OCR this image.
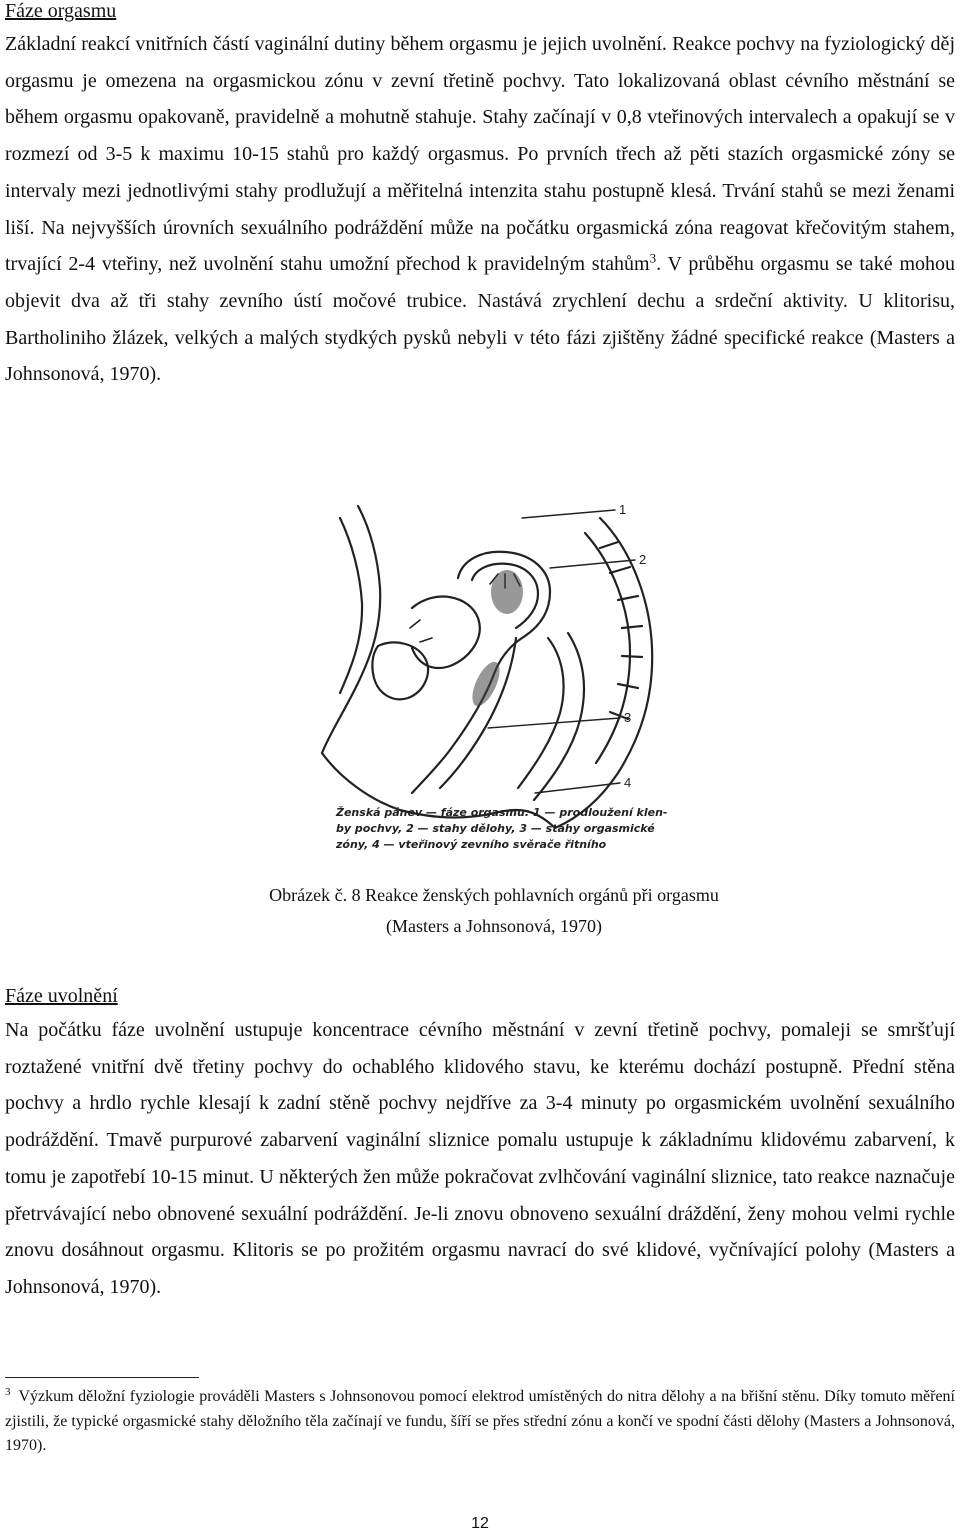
Fáze orgasmu

Základní reakcí vnitřních částí vaginální dutiny během orgasmu je jejich uvolnění. Reakce pochvy na fyziologický děj orgasmu je omezena na orgasmickou zónu v zevní třetině pochvy. Tato lokalizovaná oblast cévního městnání se během orgasmu opakovaně, pravidelně a mohutně stahuje. Stahy začínají v 0,8 vteřinových intervalech a opakují se v rozmezí od 3-5 k maximu 10-15 stahů pro každý orgasmus. Po prvních třech až pěti stazích orgasmické zóny se intervaly mezi jednotlivými stahy prodlužují a měřitelná intenzita stahu postupně klesá. Trvání stahů se mezi ženami liší. Na nejvyšších úrovních sexuálního podráždění může na počátku orgasmická zóna reagovat křečovitým stahem, trvající 2-4 vteřiny, než uvolnění stahu umožní přechod k pravidelným stahům$^3$. V průběhu orgasmu se také mohou objevit dva až tři stahy zevního ústí močové trubice. Nastává zrychlení dechu a srdeční aktivity. U klitorisu, Bartholiniho žlázek, velkých a malých stydkých pysků nebyli v této fázi zjištěny žádné specifické reakce (Masters a Johnsonová, 1970).

1
2
3
4
Ženská pánev — fáze orgasmu: 1 — prodloužení klen-
by pochvy, 2 — stahy dělohy, 3 — stahy orgasmické
zóny, 4 — vteřinový zevního svěrače řitního
Obrázek č. 8 Reakce ženských pohlavních orgánů při orgasmu
(Masters a Johnsonová, 1970)
Fáze uvolnění

Na počátku fáze uvolnění ustupuje koncentrace cévního městnání v zevní třetině pochvy, pomaleji se smršťují roztažené vnitřní dvě třetiny pochvy do ochablého klidového stavu, ke kterému dochází postupně. Přední stěna pochvy a hrdlo rychle klesají k zadní stěně pochvy nejdříve za 3-4 minuty po orgasmickém uvolnění sexuálního podráždění. Tmavě purpurové zabarvení vaginální sliznice pomalu ustupuje k základnímu klidovému zabarvení, k tomu je zapotřebí 10-15 minut. U některých žen může pokračovat zvlhčování vaginální sliznice, tato reakce naznačuje přetrvávající nebo obnovené sexuální podráždění. Je-li znovu obnoveno sexuální dráždění, ženy mohou velmi rychle znovu dosáhnout orgasmu. Klitoris se po prožitém orgasmu navrací do své klidové, vyčnívající polohy (Masters a Johnsonová, 1970).

$^3$ Výzkum děložní fyziologie prováděli Masters s Johnsonovou pomocí elektrod umístěných do nitra dělohy a na břišní stěnu. Díky tomuto měření zjistili, že typické orgasmické stahy děložního těla začínají ve fundu, šíří se přes střední zónu a končí ve spodní části dělohy (Masters a Johnsonová, 1970).

12
